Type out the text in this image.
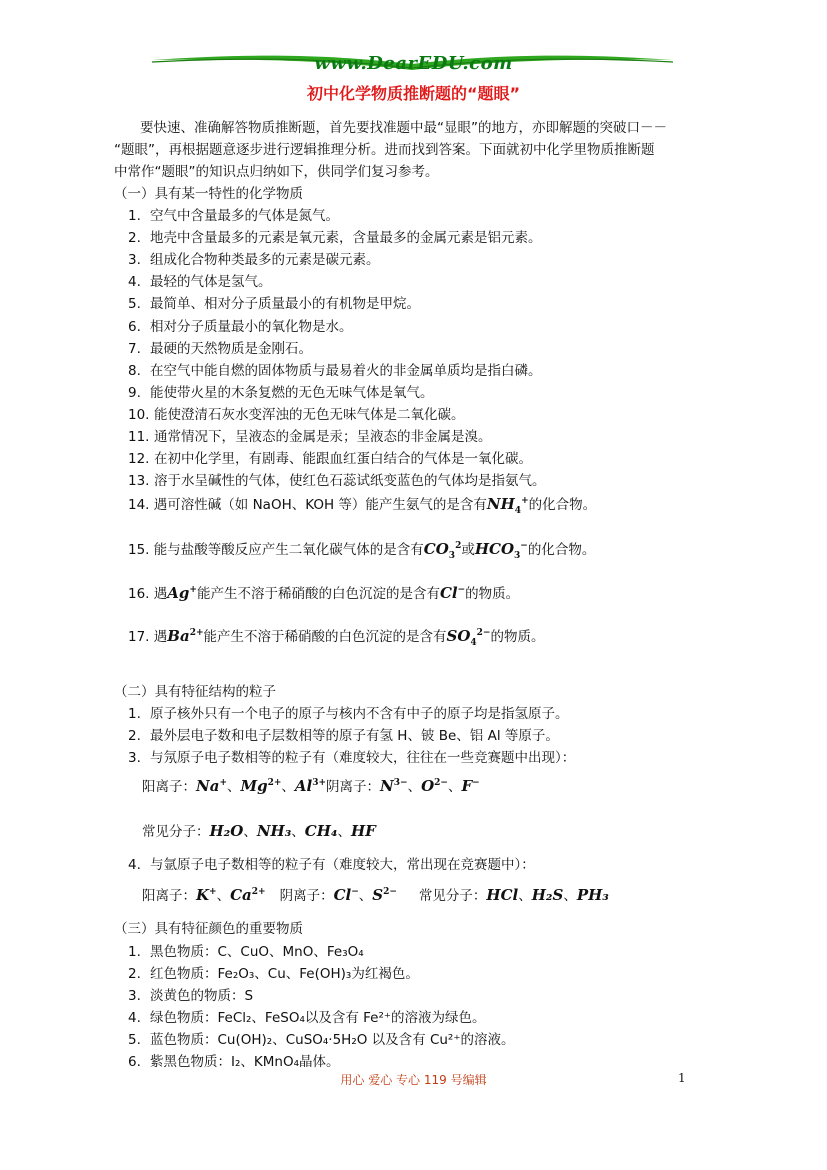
www.DearEDU.com
初中化学物质推断题的“题眼”
要快速、准确解答物质推断题，首先要找准题中最“显眼”的地方，亦即解题的突破口－－
“题眼”，再根据题意逐步进行逻辑推理分析。进而找到答案。下面就初中化学里物质推断题
中常作“题眼”的知识点归纳如下，供同学们复习参考。
（一）具有某一特性的化学物质
1. 空气中含量最多的气体是氮气。
2. 地壳中含量最多的元素是氧元素，含量最多的金属元素是铝元素。
3. 组成化合物种类最多的元素是碳元素。
4. 最轻的气体是氢气。
5. 最简单、相对分子质量最小的有机物是甲烷。
6. 相对分子质量最小的氧化物是水。
7. 最硬的天然物质是金刚石。
8. 在空气中能自燃的固体物质与最易着火的非金属单质均是指白磷。
9. 能使带火星的木条复燃的无色无味气体是氧气。
10. 能使澄清石灰水变浑浊的无色无味气体是二氧化碳。
11. 通常情况下，呈液态的金属是汞；呈液态的非金属是溴。
12. 在初中化学里，有剧毒、能跟血红蛋白结合的气体是一氧化碳。
13. 溶于水呈碱性的气体，使红色石蕊试纸变蓝色的气体均是指氨气。
14. 遇可溶性碱（如 NaOH、KOH 等）能产生氨气的是含有$NH_4^+$的化合物。
15. 能与盐酸等酸反应产生二氧化碳气体的是含有$CO_3^2$或$HCO_3^-$的化合物。
16. 遇Ag+能产生不溶于稀硝酸的白色沉淀的是含有Cl−的物质。
17. 遇$Ba^{2+}$能产生不溶于稀硝酸的白色沉淀的是含有$SO_4^{2-}$的物质。
（二）具有特征结构的粒子
1. 原子核外只有一个电子的原子与核内不含有中子的原子均是指氢原子。
2. 最外层电子数和电子层数相等的原子有氢 H、铍 Be、铝 Al 等原子。
3. 与氖原子电子数相等的粒子有（难度较大，往往在一些竞赛题中出现）：
阳离子：Na+、$Mg^{2+}$、$Al^{3+}$阴离子：$N^{3-}$、$O^{2-}$、F−
常见分子：H₂O、NH₃、CH₄、HF
4. 与氩原子电子数相等的粒子有（难度较大，常出现在竞赛题中）：
阳离子：K+、$Ca^{2+}$ 阴离子：Cl−、$S^{2-}$ 常见分子：HCl、H₂S、PH₃
（三）具有特征颜色的重要物质
1. 黑色物质：C、CuO、MnO、Fe₃O₄
2. 红色物质：Fe₂O₃、Cu、Fe(OH)₃为红褐色。
3. 淡黄色的物质：S
4. 绿色物质：FeCl₂、FeSO₄以及含有 Fe²⁺的溶液为绿色。
5. 蓝色物质：Cu(OH)₂、CuSO₄·5H₂O 以及含有 Cu²⁺的溶液。
6. 紫黑色物质：I₂、KMnO₄晶体。
用心 爱心 专心 119 号编辑	1
